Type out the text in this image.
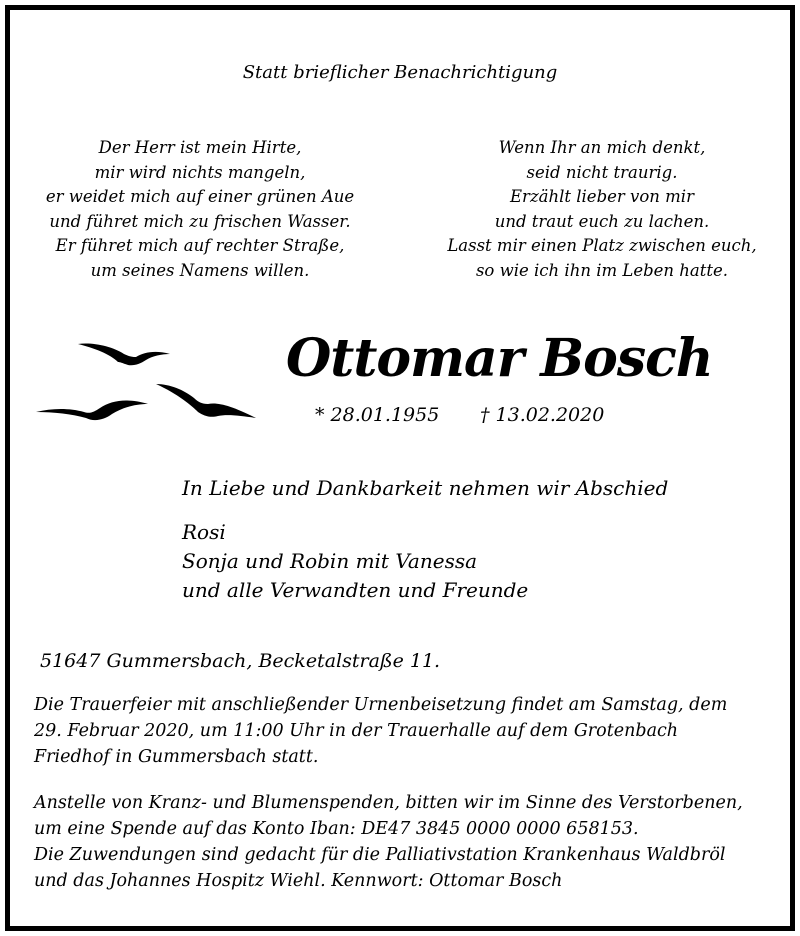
Statt brieflicher Benachrichtigung
Der Herr ist mein Hirte,
mir wird nichts mangeln,
er weidet mich auf einer grünen Aue
und führet mich zu frischen Wasser.
Er führet mich auf rechter Straße,
um seines Namens willen.
Wenn Ihr an mich denkt,
seid nicht traurig.
Erzählt lieber von mir
und traut euch zu lachen.
Lasst mir einen Platz zwischen euch,
so wie ich ihn im Leben hatte.
Ottomar Bosch
* 28.01.1955 † 13.02.2020
In Liebe und Dankbarkeit nehmen wir Abschied
Rosi
Sonja und Robin mit Vanessa
und alle Verwandten und Freunde
51647 Gummersbach, Becketalstraße 11.
Die Trauerfeier mit anschließender Urnenbeisetzung findet am Samstag, dem
29. Februar 2020, um 11:00 Uhr in der Trauerhalle auf dem Grotenbach
Friedhof in Gummersbach statt.
Anstelle von Kranz- und Blumenspenden, bitten wir im Sinne des Verstorbenen,
um eine Spende auf das Konto Iban: DE47 3845 0000 0000 658153.
Die Zuwendungen sind gedacht für die Palliativstation Krankenhaus Waldbröl
und das Johannes Hospitz Wiehl. Kennwort: Ottomar Bosch
